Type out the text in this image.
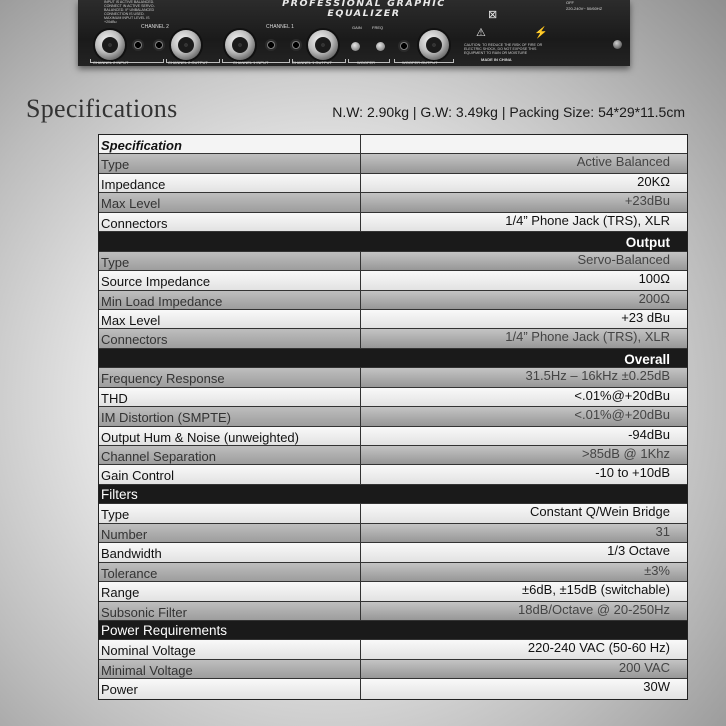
PROFESSIONAL GRAPHIC EQUALIZER
INPUT IS ACTIVE BALANCED. CONNECT IN ACTIVE SERVO-BALANCED. IF UNBALANCED CONNECTION IS USED. MAXIMUM INPUT LEVEL IS +20dBu
CHANNEL 2	CHANNEL 1	GAIN	FREQ
CHANNEL 2 INPUT	CHANNEL 2 OUTPUT	CHANNEL 1 INPUT	CHANNEL 1 OUTPUT	WOOFER	WOOFER OUTPUT
⚠
⊠
⚡
CAUTION: TO REDUCE THE RISK OF FIRE OR ELECTRIC SHOCK, DO NOT EXPOSE THIS EQUIPMENT TO RAIN OR MOISTURE
MADE IN CHINA
OFF
220-240V~ 50/60HZ
Specifications	N.W: 2.90kg | G.W: 3.49kg | Packing Size: 54*29*11.5cm
Specification
Type	Active Balanced
Impedance	20KΩ
Max Level	+23dBu
Connectors	1/4” Phone Jack (TRS), XLR
Output
Type	Servo-Balanced
Source Impedance	100Ω
Min Load Impedance	200Ω
Max Level	+23 dBu
Connectors	1/4” Phone Jack (TRS), XLR
Overall
Frequency Response	31.5Hz – 16kHz ±0.25dB
THD	<.01%@+20dBu
IM Distortion (SMPTE)	<.01%@+20dBu
Output Hum & Noise (unweighted)	-94dBu
Channel Separation	>85dB @ 1Khz
Gain Control	-10 to +10dB
Filters
Type	Constant Q/Wein Bridge
Number	31
Bandwidth	1/3 Octave
Tolerance	±3%
Range	±6dB, ±15dB (switchable)
Subsonic Filter	18dB/Octave @ 20-250Hz
Power Requirements
Nominal Voltage	220-240 VAC (50-60 Hz)
Minimal Voltage	200 VAC
Power	30W
